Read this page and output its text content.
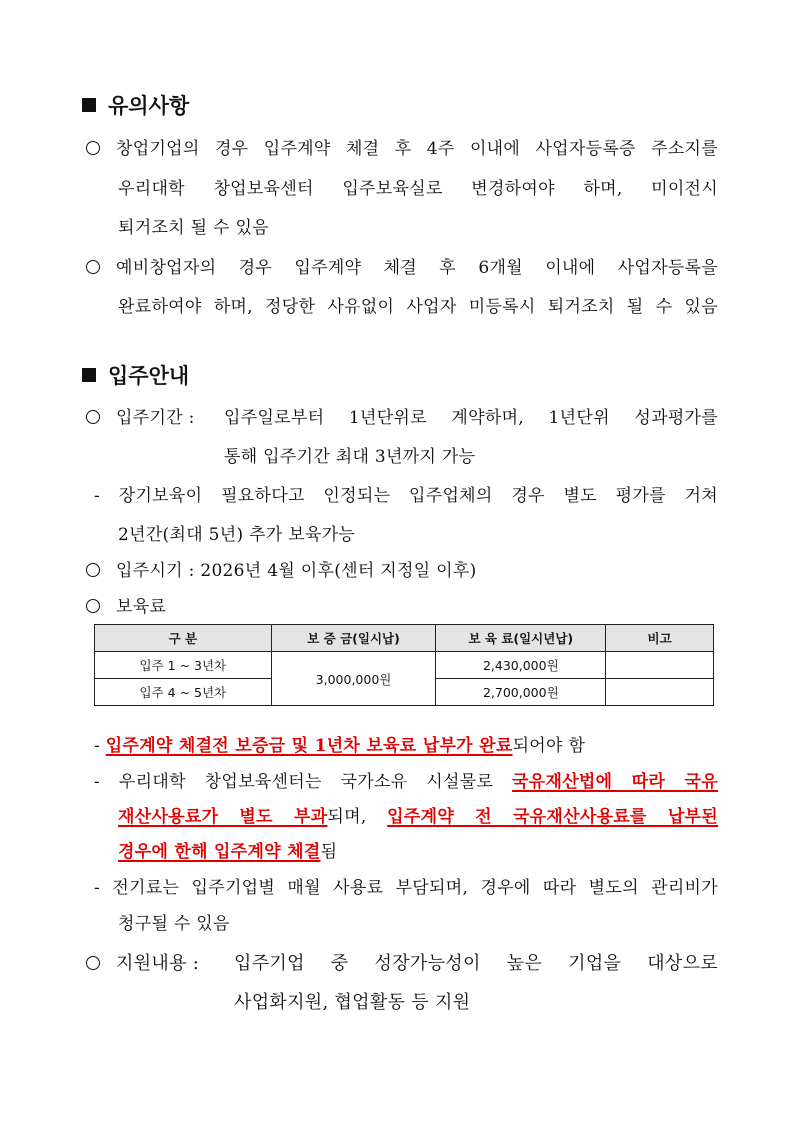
유의사항
창업기업의 경우 입주계약 체결 후 4주 이내에 사업자등록증 주소지를
우리대학 창업보육센터 입주보육실로 변경하여야 하며, 미이전시
퇴거조치 될 수 있음
예비창업자의 경우 입주계약 체결 후 6개월 이내에 사업자등록을
완료하여야 하며, 정당한 사유없이 사업자 미등록시 퇴거조치 될 수 있음
입주안내
입주기간 : 입주일로부터 1년단위로 계약하며, 1년단위 성과평가를
통해 입주기간 최대 3년까지 가능
- 장기보육이 필요하다고 인정되는 입주업체의 경우 별도 평가를 거쳐
2년간(최대 5년) 추가 보육가능
입주시기 : 2026년 4월 이후(센터 지정일 이후)
보육료
구 분	보 증 금(일시납)	보 육 료(일시년납)	비고
입주 1 ~ 3년차	3,000,000원	2,430,000원	
입주 4 ~ 5년차		2,700,000원	
- 입주계약 체결전 보증금 및 1년차 보육료 납부가 완료되어야 함
- 우리대학 창업보육센터는 국가소유 시설물로 국유재산법에 따라 국유
재산사용료가 별도 부과되며, 입주계약 전 국유재산사용료를 납부된
경우에 한해 입주계약 체결됨
- 전기료는 입주기업별 매월 사용료 부담되며, 경우에 따라 별도의 관리비가
청구될 수 있음
지원내용 : 입주기업 중 성장가능성이 높은 기업을 대상으로
사업화지원, 협업활동 등 지원
